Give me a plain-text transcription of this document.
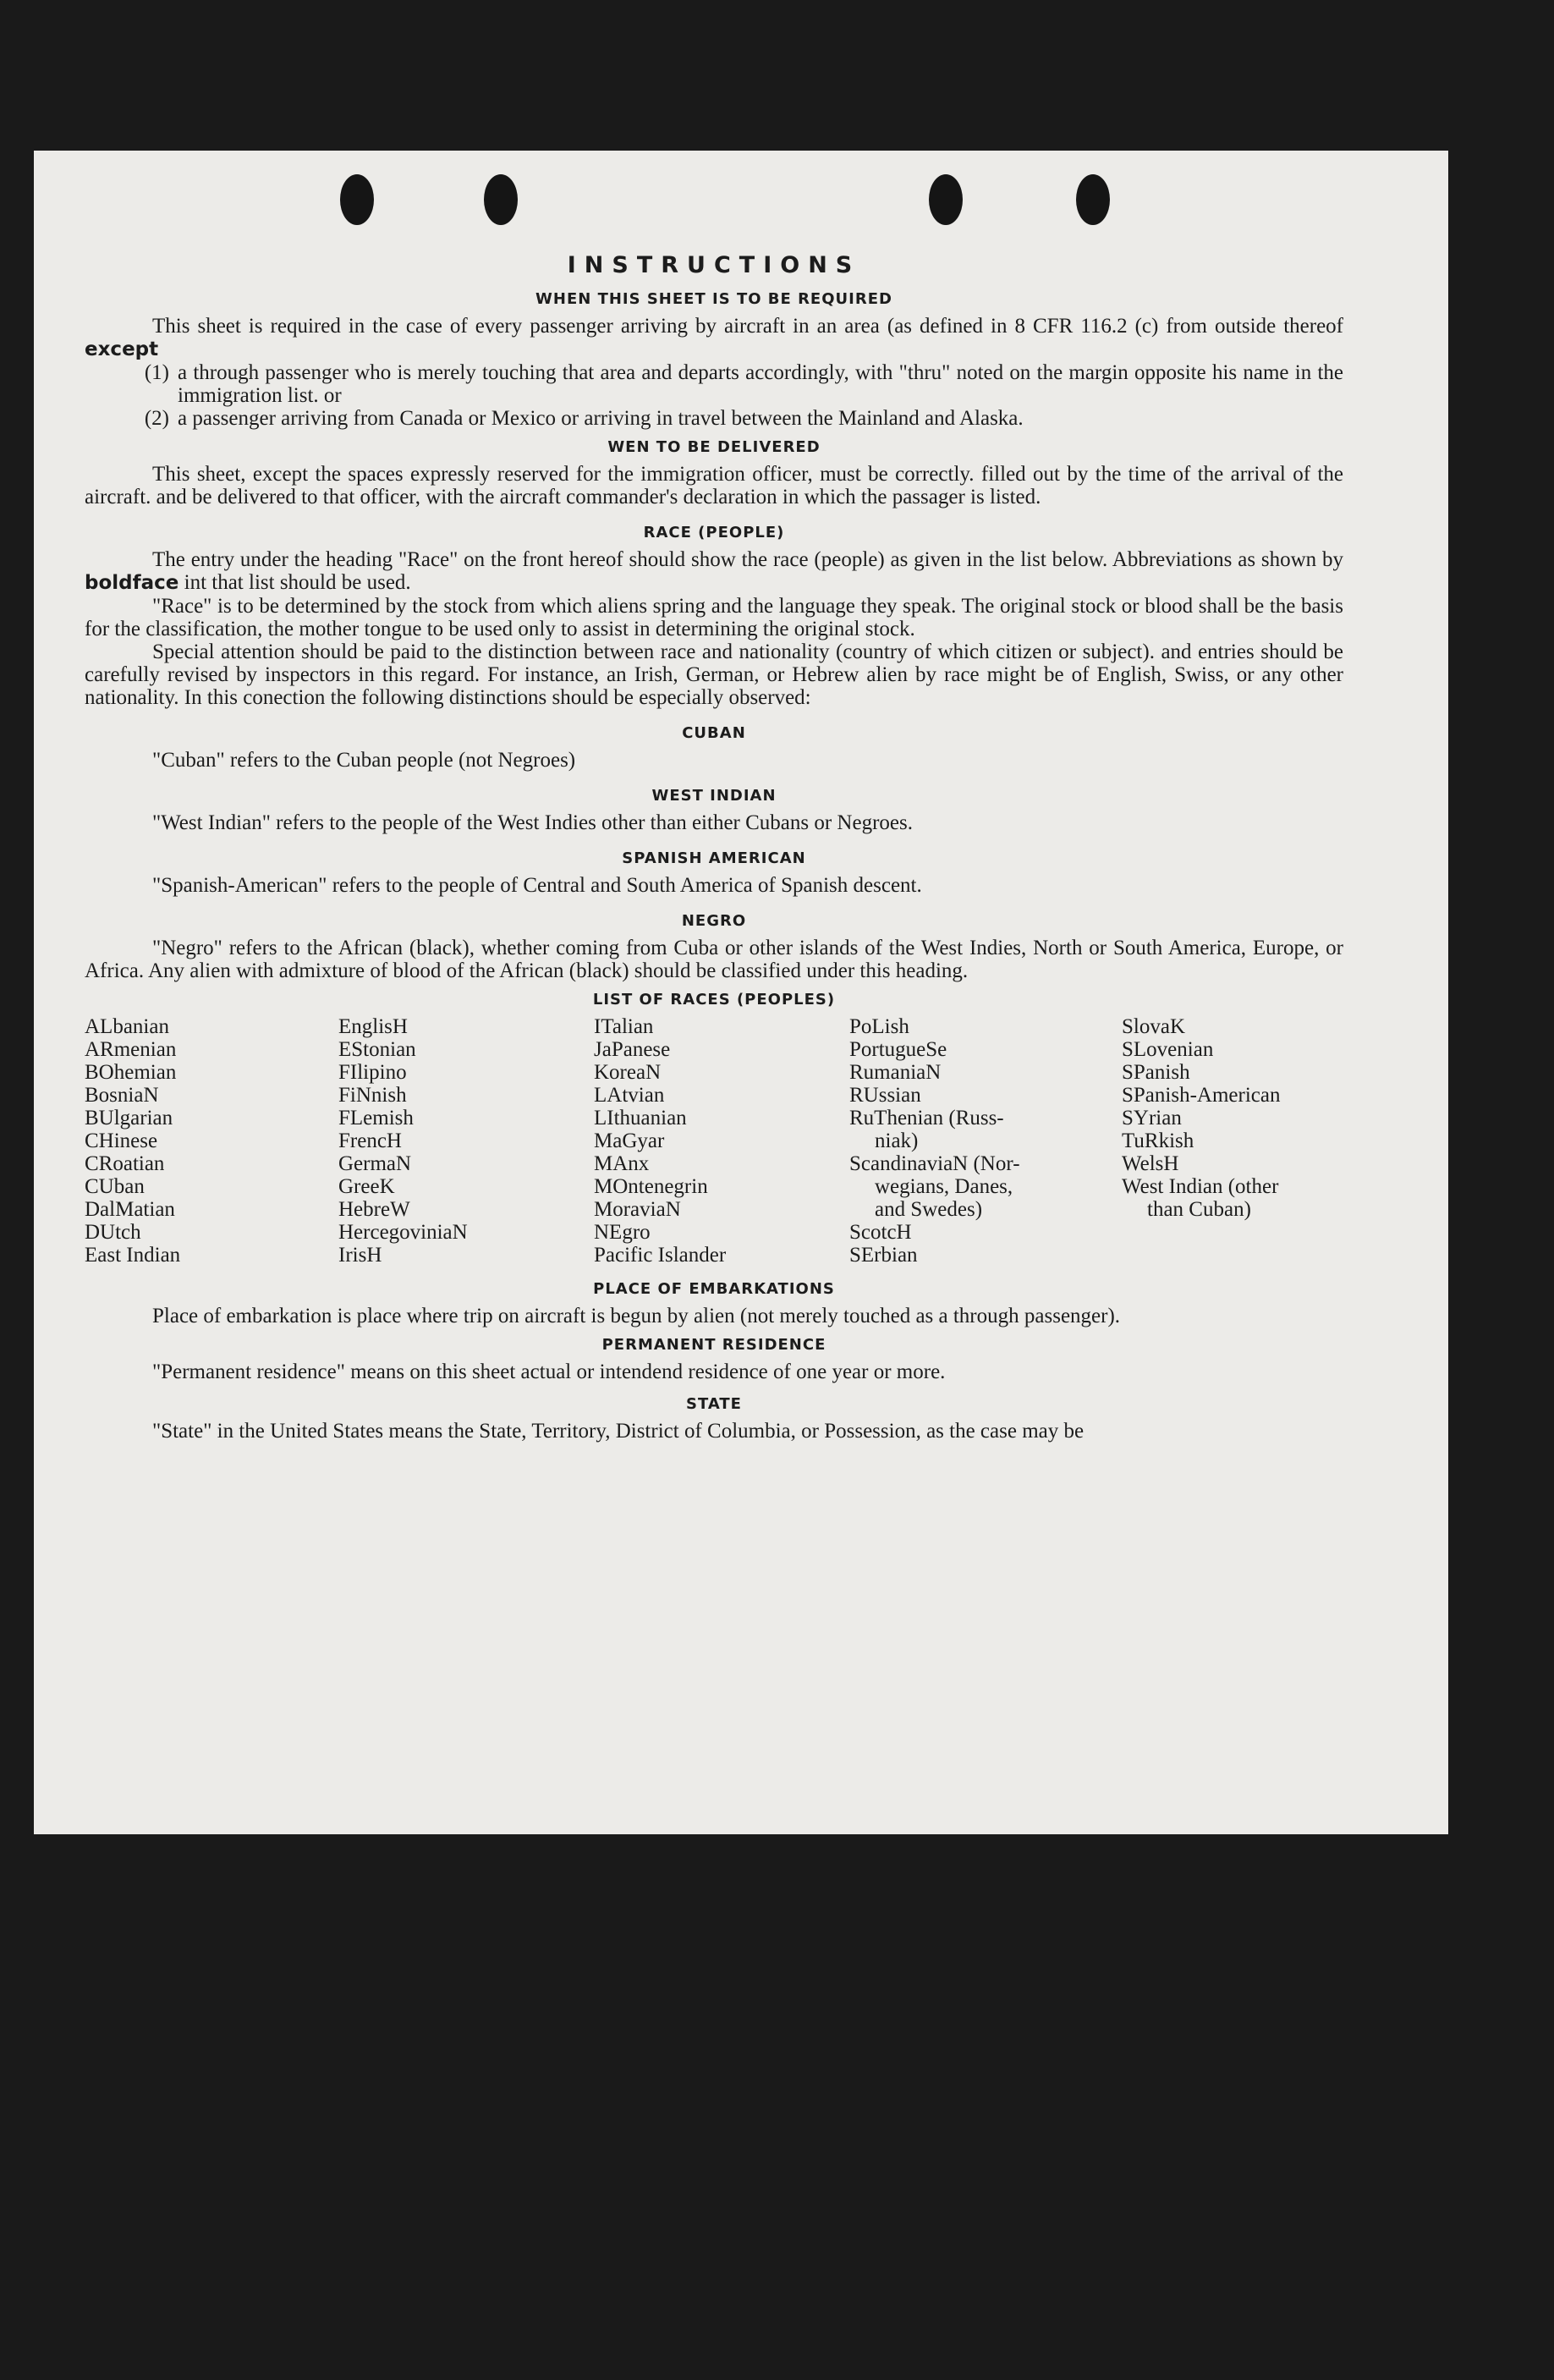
INSTRUCTIONS
WHEN THIS SHEET IS TO BE REQUIRED

This sheet is required in the case of every passenger arriving by aircraft in an area (as defined in 8 CFR 116.2 (c) from outside thereof except

(1) a through passenger who is merely touching that area and departs accordingly, with "thru" noted on the margin opposite his name in the immigration list. or
(2) a passenger arriving from Canada or Mexico or arriving in travel between the Mainland and Alaska.
WEN TO BE DELIVERED

This sheet, except the spaces expressly reserved for the immigration officer, must be correctly. filled out by the time of the arrival of the aircraft. and be delivered to that officer, with the aircraft commander's declaration in which the passager is listed.

RACE (PEOPLE)

The entry under the heading "Race" on the front hereof should show the race (people) as given in the list below. Abbreviations as shown by boldface int that list should be used.

"Race" is to be determined by the stock from which aliens spring and the language they speak. The original stock or blood shall be the basis for the classification, the mother tongue to be used only to assist in determining the original stock.

Special attention should be paid to the distinction between race and nationality (country of which citizen or subject). and entries should be carefully revised by inspectors in this regard. For instance, an Irish, German, or Hebrew alien by race might be of English, Swiss, or any other nationality. In this conection the following distinctions should be especially observed:

CUBAN

"Cuban" refers to the Cuban people (not Negroes)

WEST INDIAN

"West Indian" refers to the people of the West Indies other than either Cubans or Negroes.

SPANISH AMERICAN

"Spanish-American" refers to the people of Central and South America of Spanish descent.

NEGRO

"Negro" refers to the African (black), whether coming from Cuba or other islands of the West Indies, North or South America, Europe, or Africa. Any alien with admixture of blood of the African (black) should be classified under this heading.

LIST OF RACES (PEOPLES)
ALbanian
ARmenian
BOhemian
BosniaN
BUlgarian
CHinese
CRoatian
CUban
DalMatian
DUtch
East Indian
EnglisH
EStonian
FIlipino
FiNnish
FLemish
FrencH
GermaN
GreeK
HebreW
HercegoviniaN
IrisH
ITalian
JaPanese
KoreaN
LAtvian
LIthuanian
MaGyar
MAnx
MOntenegrin
MoraviaN
NEgro
Pacific Islander
PoLish
PortugueSe
RumaniaN
RUssian
RuThenian (Russ-
niak)
ScandinaviaN (Nor-
wegians, Danes,
and Swedes)
ScotcH
SErbian
SlovaK
SLovenian
SPanish
SPanish-American
SYrian
TuRkish
WelsH
West Indian (other
than Cuban)
PLACE OF EMBARKATIONS

Place of embarkation is place where trip on aircraft is begun by alien (not merely touched as a through passenger).

PERMANENT RESIDENCE

"Permanent residence" means on this sheet actual or intendend residence of one year or more.

STATE

"State" in the United States means the State, Territory, District of Columbia, or Possession, as the case may be
